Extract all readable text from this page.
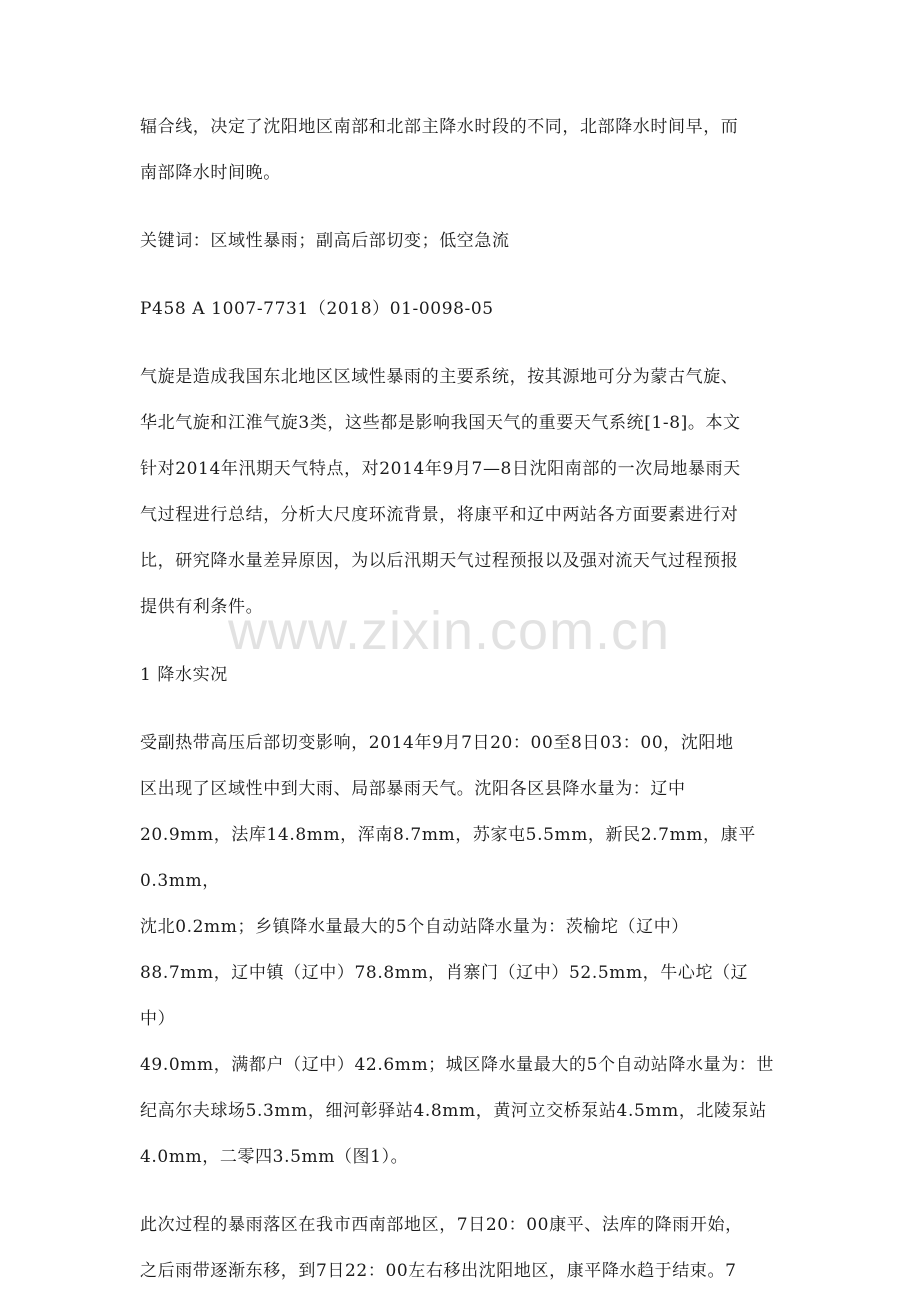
辐合线，决定了沈阳地区南部和北部主降水时段的不同，北部降水时间早，而
南部降水时间晚。

关键词：区域性暴雨；副高后部切变；低空急流

P458 A 1007-7731（2018）01-0098-05

气旋是造成我国东北地区区域性暴雨的主要系统，按其源地可分为蒙古气旋、
华北气旋和江淮气旋3类，这些都是影响我国天气的重要天气系统[1-8]。本文
针对2014年汛期天气特点，对2014年9月7—8日沈阳南部的一次局地暴雨天
气过程进行总结，分析大尺度环流背景，将康平和辽中两站各方面要素进行对
比，研究降水量差异原因，为以后汛期天气过程预报以及强对流天气过程预报
提供有利条件。

1 降水实况

受副热带高压后部切变影响，2014年9月7日20：00至8日03：00，沈阳地
区出现了区域性中到大雨、局部暴雨天气。沈阳各区县降水量为：辽中
20.9mm，法库14.8mm，浑南8.7mm，苏家屯5.5mm，新民2.7mm，康平0.3mm，
沈北0.2mm；乡镇降水量最大的5个自动站降水量为：茨榆坨（辽中）
88.7mm，辽中镇（辽中）78.8mm，肖寨门（辽中）52.5mm，牛心坨（辽中）
49.0mm，满都户（辽中）42.6mm；城区降水量最大的5个自动站降水量为：世
纪高尔夫球场5.3mm，细河彰驿站4.8mm，黄河立交桥泵站4.5mm，北陵泵站
4.0mm，二零四3.5mm（图1）。

此次过程的暴雨落区在我市西南部地区，7日20：00康平、法库的降雨开始，
之后雨带逐渐东移，到7日22：00左右移出沈阳地区，康平降水趋于结束。7

www.zixin.com.cn
